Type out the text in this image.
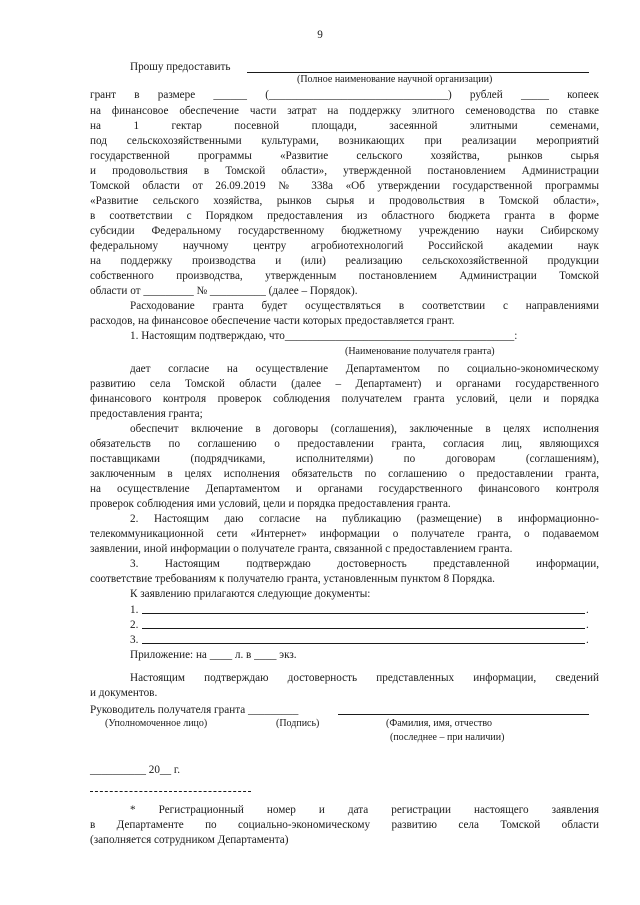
9
Прошу предоставить
(Полное наименование научной организации)
грант в размере ______ (________________________________) рублей _____ копеек
на финансовое обеспечение части затрат на поддержку элитного семеноводства по ставке
на 1 гектар посевной площади, засеянной элитными семенами,
под сельскохозяйственными культурами, возникающих при реализации мероприятий
государственной программы «Развитие сельского хозяйства, рынков сырья
и продовольствия в Томской области», утвержденной постановлением Администрации
Томской области от 26.09.2019 № 338а «Об утверждении государственной программы
«Развитие сельского хозяйства, рынков сырья и продовольствия в Томской области»,
в соответствии с Порядком предоставления из областного бюджета гранта в форме
субсидии Федеральному государственному бюджетному учреждению науки Сибирскому
федеральному научному центру агробиотехнологий Российской академии наук
на поддержку производства и (или) реализацию сельскохозяйственной продукции
собственного производства, утвержденным постановлением Администрации Томской
области от _________ № __________ (далее – Порядок).
Расходование гранта будет осуществляться в соответствии с направлениями
расходов, на финансовое обеспечение части которых предоставляется грант.
1. Настоящим подтверждаю, что_________________________________________:
(Наименование получателя гранта)
дает согласие на осуществление Департаментом по социально-экономическому
развитию села Томской области (далее – Департамент) и органами государственного
финансового контроля проверок соблюдения получателем гранта условий, цели и порядка
предоставления гранта;
обеспечит включение в договоры (соглашения), заключенные в целях исполнения
обязательств по соглашению о предоставлении гранта, согласия лиц, являющихся
поставщиками (подрядчиками, исполнителями) по договорам (соглашениям),
заключенным в целях исполнения обязательств по соглашению о предоставлении гранта,
на осуществление Департаментом и органами государственного финансового контроля
проверок соблюдения ими условий, цели и порядка предоставления гранта.
2. Настоящим даю согласие на публикацию (размещение) в информационно-
телекоммуникационной сети «Интернет» информации о получателе гранта, о подаваемом
заявлении, иной информации о получателе гранта, связанной с предоставлением гранта.
3. Настоящим подтверждаю достоверность представленной информации,
соответствие требованиям к получателю гранта, установленным пунктом 8 Порядка.
К заявлению прилагаются следующие документы:
1.	.
2.	.
3.	.
Приложение: на ____ л. в ____ экз.
Настоящим подтверждаю достоверность представленных информации, сведений
и документов.
Руководитель получателя гранта _________
(Уполномоченное лицо)	(Подпись)	(Фамилия, имя, отчество
(последнее – при наличии)
__________ 20__ г.
* Регистрационный номер и дата регистрации настоящего заявления
в Департаменте по социально-экономическому развитию села Томской области
(заполняется сотрудником Департамента)
